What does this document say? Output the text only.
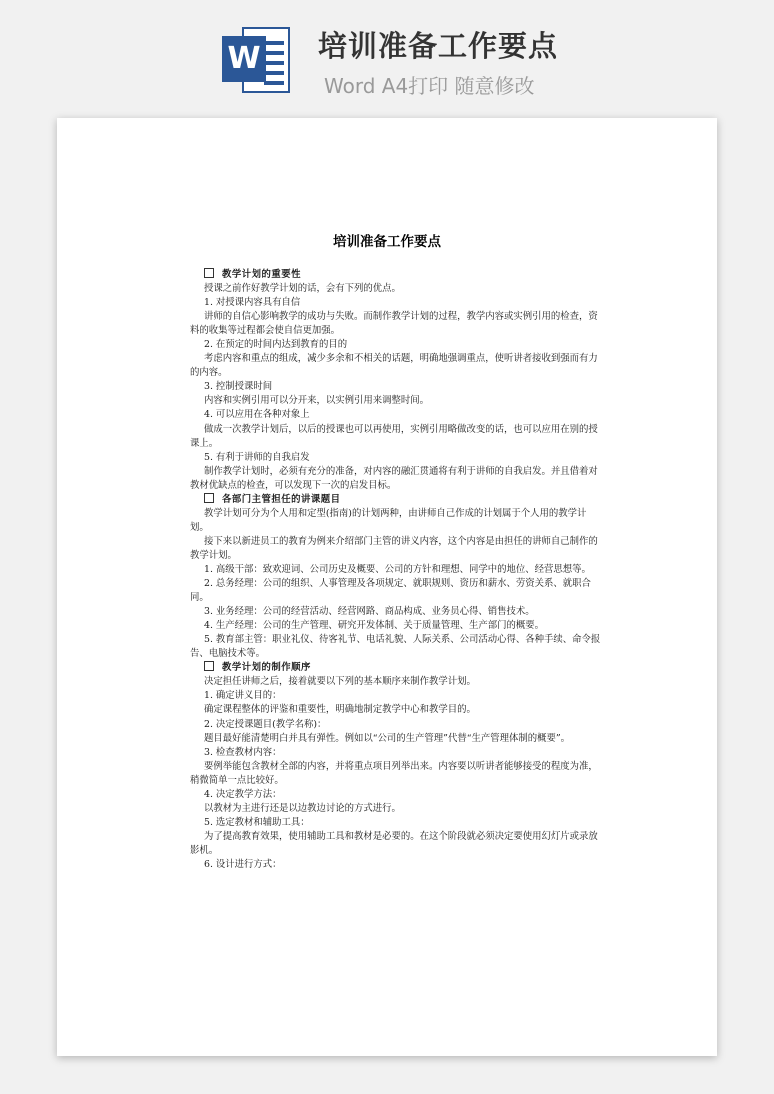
W 培训准备工作要点
Word A4打印 随意修改
培训准备工作要点

教学计划的重要性

授课之前作好教学计划的话，会有下列的优点。

1. 对授课内容具有自信

讲师的自信心影响教学的成功与失败。而制作教学计划的过程，教学内容或实例引用的检查，资料的收集等过程都会使自信更加强。

2. 在预定的时间内达到教育的目的

考虑内容和重点的组成，减少多余和不相关的话题，明确地强调重点，使听讲者接收到强而有力的内容。

3. 控制授课时间

内容和实例引用可以分开来，以实例引用来调整时间。

4. 可以应用在各种对象上

做成一次教学计划后，以后的授课也可以再使用，实例引用略做改变的话，也可以应用在别的授课上。

5. 有利于讲师的自我启发

制作教学计划时，必须有充分的准备，对内容的融汇贯通将有利于讲师的自我启发。并且借着对教材优缺点的检查，可以发现下一次的启发目标。

各部门主管担任的讲课题目

教学计划可分为个人用和定型(指南)的计划两种，由讲师自己作成的计划属于个人用的教学计划。

接下来以新进员工的教育为例来介绍部门主管的讲义内容，这个内容是由担任的讲师自己制作的教学计划。

1. 高级干部：致欢迎词、公司历史及概要、公司的方针和理想、同学中的地位、经营思想等。

2. 总务经理：公司的组织、人事管理及各项规定、就职规则、资历和薪水、劳资关系、就职合同。

3. 业务经理：公司的经营活动、经营网路、商品构成、业务员心得、销售技术。

4. 生产经理：公司的生产管理、研究开发体制、关于质量管理、生产部门的概要。

5. 教育部主管：职业礼仪、待客礼节、电话礼貌、人际关系、公司活动心得、各种手续、命令报告、电脑技术等。

教学计划的制作顺序

决定担任讲师之后，接着就要以下列的基本顺序来制作教学计划。

1. 确定讲义目的：

确定课程整体的评鉴和重要性，明确地制定教学中心和教学目的。

2. 决定授课题目(教学名称)：

题目最好能清楚明白并具有弹性。例如以“公司的生产管理”代替“生产管理体制的概要”。

3. 检查教材内容：

要例举能包含教材全部的内容，并将重点项目列举出来。内容要以听讲者能够接受的程度为准，稍微简单一点比较好。

4. 决定教学方法：

以教材为主进行还是以边教边讨论的方式进行。

5. 选定教材和辅助工具：

为了提高教育效果，使用辅助工具和教材是必要的。在这个阶段就必须决定要使用幻灯片或录放影机。

6. 设计进行方式：
